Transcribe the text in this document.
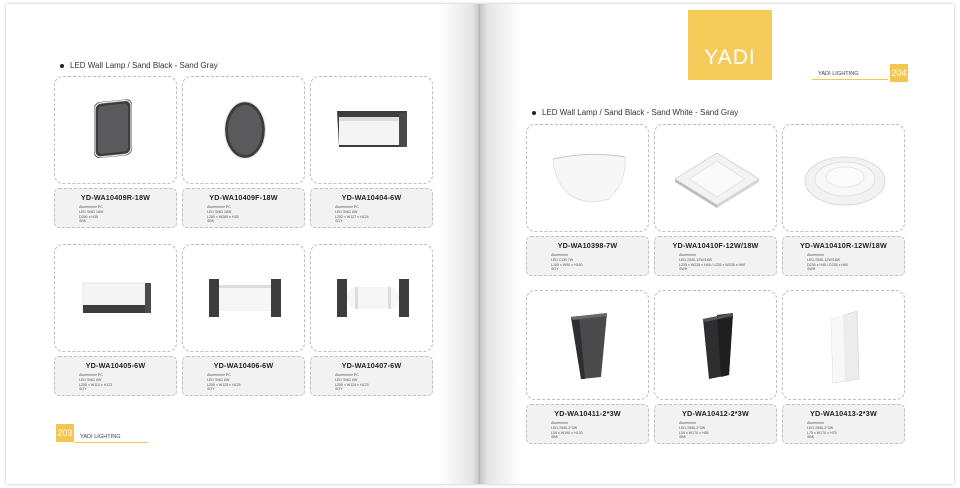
LED Wall Lamp / Sand Black - Sand Gray
YD-WA10409R-18W
Aluminium+PC
LED SMD 18W
D280 x H35
SBK
YD-WA10409F-18W
Aluminium+PC
LED SMD 18W
L280 x W280 x H35
SBK
YD-WA10404-6W
Aluminium+PC
LED SMD 6W
L252 x W127 x H124
SGY
YD-WA10405-6W
Aluminium+PC
LED SMD 6W
L258 x W110 x H123
SGY
YD-WA10406-6W
Aluminium+PC
LED SMD 6W
L250 x W125 x H125
SGY
YD-WA10407-6W
Aluminium+PC
LED SMD 6W
L250 x W124 x H123
SGY
203 YADI LIGHTING
YADI
YADI LIGHTING	204
LED Wall Lamp / Sand Black - Sand White - Sand Gray
YD-WA10398-7W
Aluminium
LED COB 7W
L160 x W90 x H160
SGY
YD-WA10410F-12W/18W
Aluminium
LED-SMD-12W/18W
L235 x W235 x H45 / L235 x W235 x H60
SWH
YD-WA10410R-12W/18W
Aluminium
LED-SMD-12W/18W
D235 x H45 / D235 x H60
SWH
YD-WA10411-2*3W
Aluminium
LED-SMD-2*3W
L55 x W190 x H130
SBK
YD-WA10412-2*3W
Aluminium
LED-SMD-2*3W
L55 x W170 x H85
SBK
YD-WA10413-2*3W
Aluminium
LED-SMD-2*3W
L75 x W170 x H75
SBK
